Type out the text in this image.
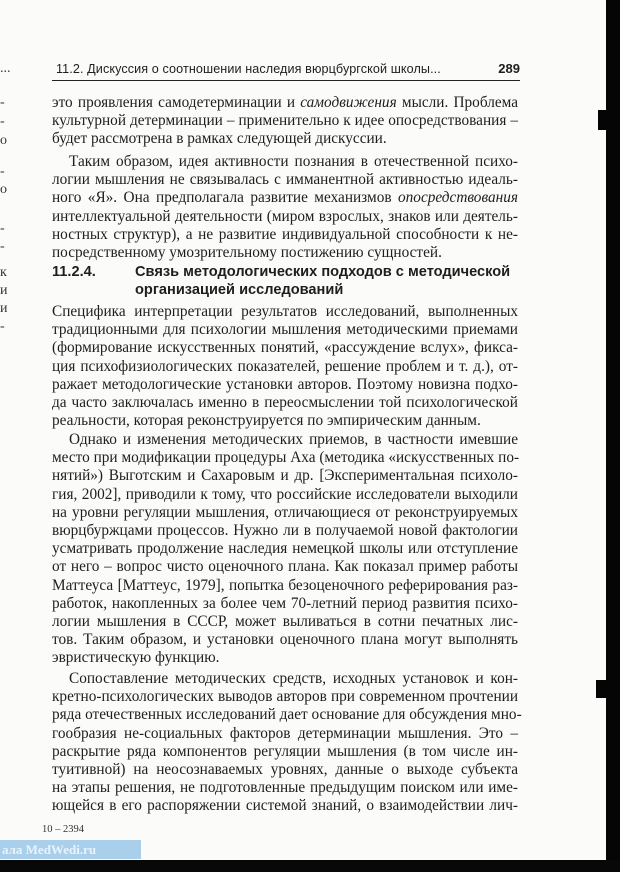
...
-
-
о
-
о
-
-
к
и
и
-
11.2. Дискуссия о соотношении наследия вюрцбургской школы...	289
это проявления самодетерминации и самодвижения мысли. Проблема
культурной детерминации – применительно к идее опосредствования –
будет рассмотрена в рамках следующей дискуссии.
Таким образом, идея активности познания в отечественной психо-
логии мышления не связывалась с имманентной активностью идеаль-
ного «Я». Она предполагала развитие механизмов опосредствования
интеллектуальной деятельности (миром взрослых, знаков или деятель-
ностных структур), а не развитие индивидуальной способности к не-
посредственному умозрительному постижению сущностей.
11.2.4.	Связь методологических подходов с методической
организацией исследований
Специфика интерпретации результатов исследований, выполненных
традиционными для психологии мышления методическими приемами
(формирование искусственных понятий, «рассуждение вслух», фикса-
ция психофизиологических показателей, решение проблем и т. д.), от-
ражает методологические установки авторов. Поэтому новизна подхо-
да часто заключалась именно в переосмыслении той психологической
реальности, которая реконструируется по эмпирическим данным.
Однако и изменения методических приемов, в частности имевшие
место при модификации процедуры Аха (методика «искусственных по-
нятий») Выготским и Сахаровым и др. [Экспериментальная психоло-
гия, 2002], приводили к тому, что российские исследователи выходили
на уровни регуляции мышления, отличающиеся от реконструируемых
вюрцбуржцами процессов. Нужно ли в получаемой новой фактологии
усматривать продолжение наследия немецкой школы или отступление
от него – вопрос чисто оценочного плана. Как показал пример работы
Маттеуса [Маттеус, 1979], попытка безоценочного реферирования раз-
работок, накопленных за более чем 70-летний период развития психо-
логии мышления в СССР, может выливаться в сотни печатных лис-
тов. Таким образом, и установки оценочного плана могут выполнять
эвристическую функцию.
Сопоставление методических средств, исходных установок и кон-
кретно-психологических выводов авторов при современном прочтении
ряда отечественных исследований дает основание для обсуждения мно-
гообразия не-социальных факторов детерминации мышления. Это –
раскрытие ряда компонентов регуляции мышления (в том числе ин-
туитивной) на неосознаваемых уровнях, данные о выходе субъекта
на этапы решения, не подготовленные предыдущим поиском или име-
ющейся в его распоряжении системой знаний, о взаимодействии лич-
10 – 2394
ала MedWedi.ru
